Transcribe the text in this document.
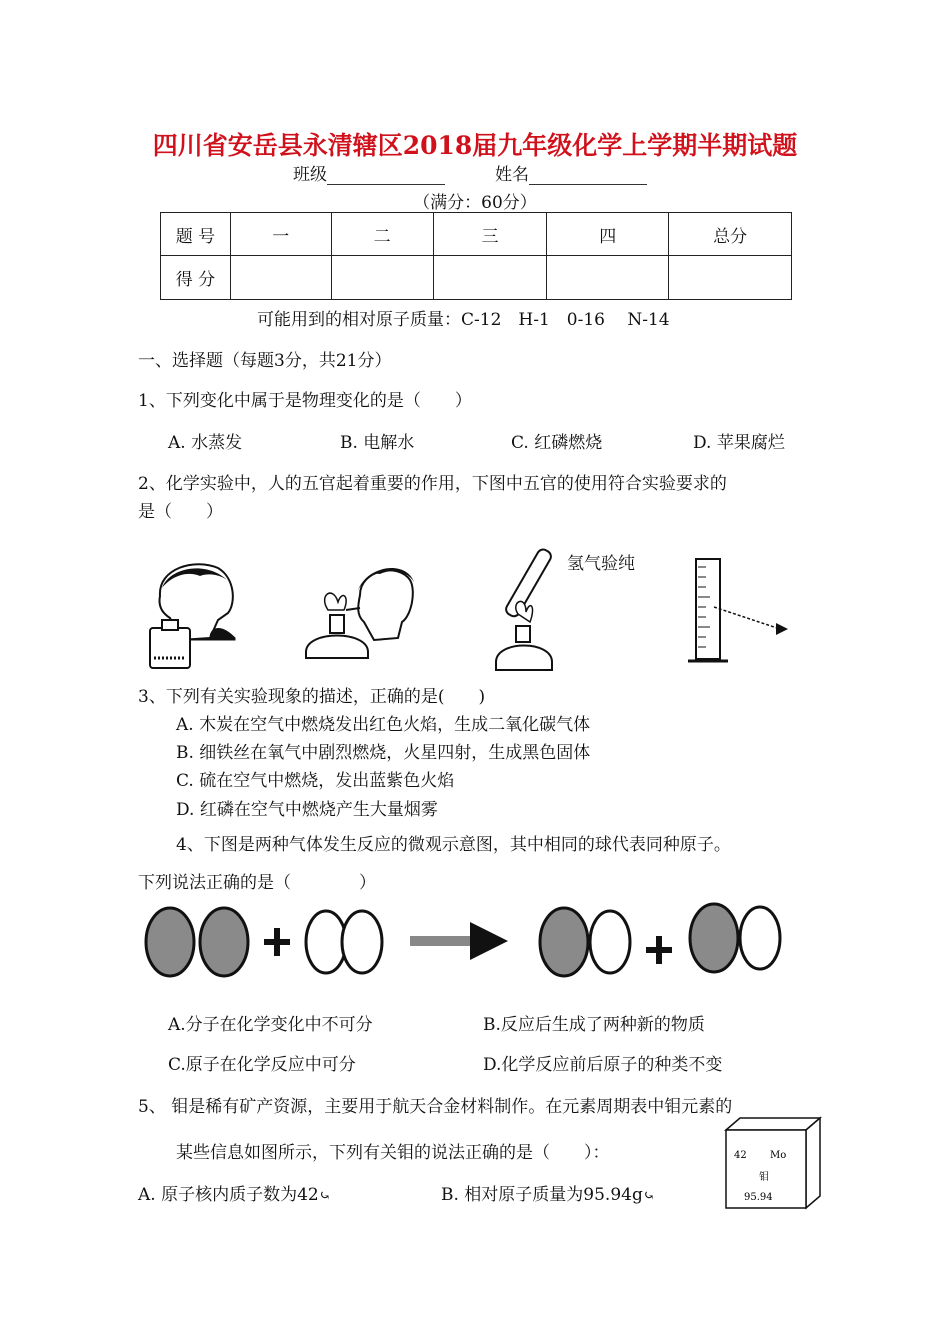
四川省安岳县永清辖区2018届九年级化学上学期半期试题
班级	姓名
（满分：60分）
题 号	一	二	三	四	总分
得 分					
可能用到的相对原子质量：C-12　H-1　0-16　 N-14
一、选择题（每题3分，共21分）
1、下列变化中属于是物理变化的是（　　）
A. 水蒸发	B. 电解水	C. 红磷燃烧	D. 苹果腐烂
2、化学实验中，人的五官起着重要的作用，下图中五官的使用符合实验要求的
是（　　）
氢气验纯
3、下列有关实验现象的描述，正确的是(　　)
A. 木炭在空气中燃烧发出红色火焰，生成二氧化碳气体
B. 细铁丝在氧气中剧烈燃烧，火星四射，生成黑色固体
C. 硫在空气中燃烧，发出蓝紫色火焰
D. 红磷在空气中燃烧产生大量烟雾
4、下图是两种气体发生反应的微观示意图，其中相同的球代表同种原子。
下列说法正确的是（　　　　）
A.分子在化学变化中不可分	B.反应后生成了两种新的物质
C.原子在化学反应中可分	D.化学反应前后原子的种类不变
5、 钼是稀有矿产资源，主要用于航天合金材料制作。在元素周期表中钼元素的
某些信息如图所示，下列有关钼的说法正确的是（　　）：
A. 原子核内质子数为42⤿	B. 相对原子质量为95.94g⤿
42 Mo
钼
95.94
